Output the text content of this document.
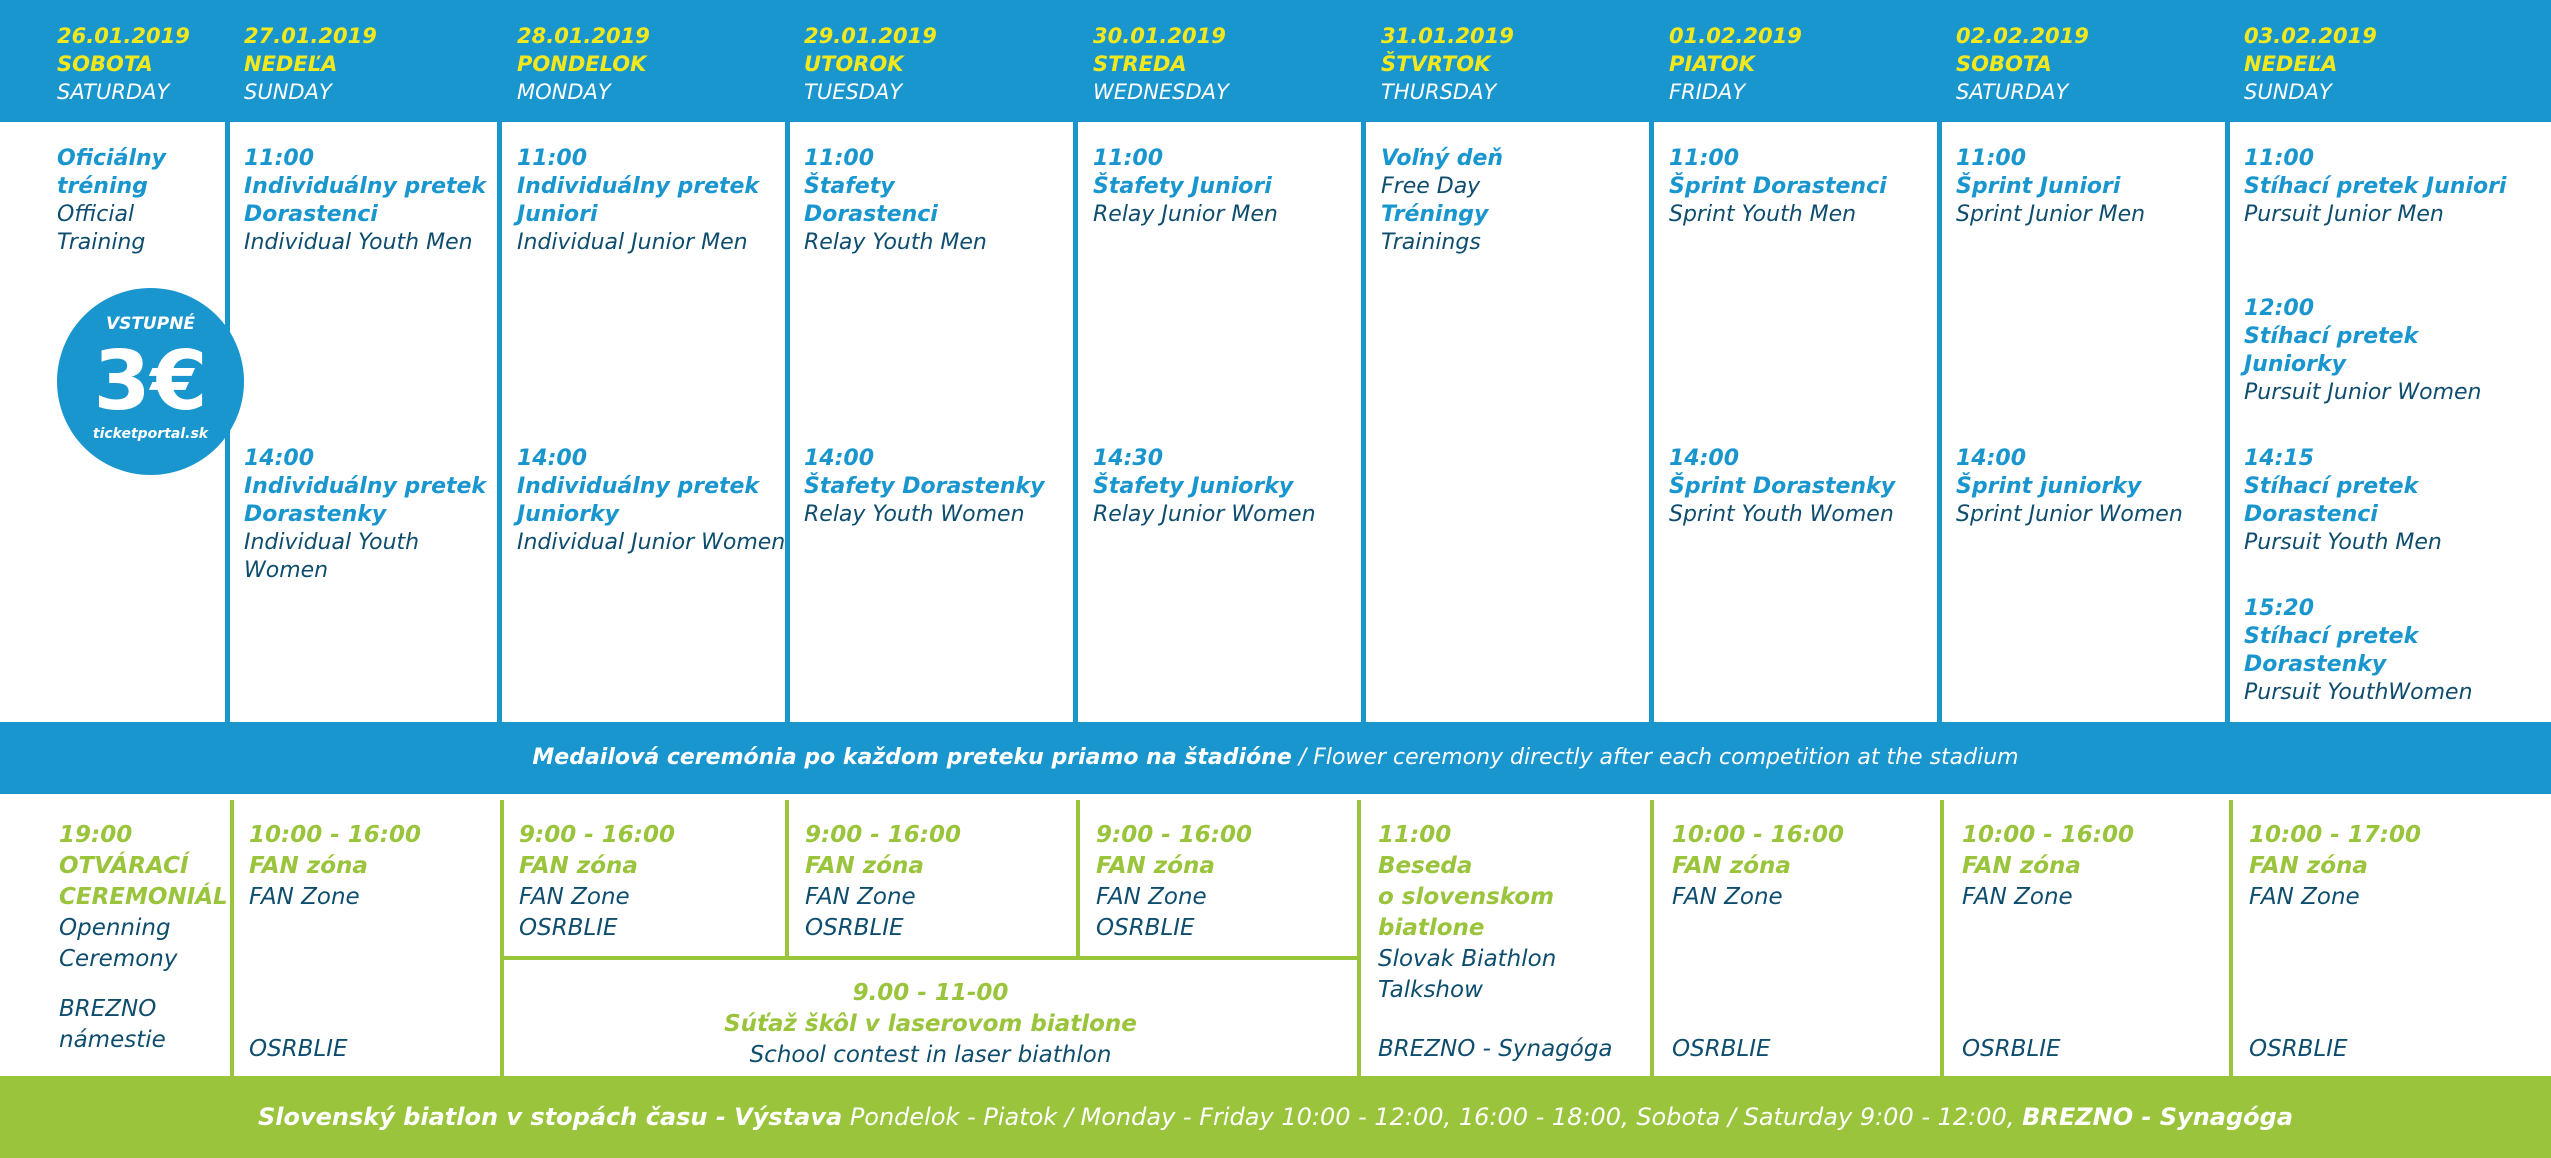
26.01.2019
SOBOTA
SATURDAY
27.01.2019
NEDEĽA
SUNDAY
28.01.2019
PONDELOK
MONDAY
29.01.2019
UTOROK
TUESDAY
30.01.2019
STREDA
WEDNESDAY
31.01.2019
ŠTVRTOK
THURSDAY
01.02.2019
PIATOK
FRIDAY
02.02.2019
SOBOTA
SATURDAY
03.02.2019
NEDEĽA
SUNDAY
Oficiálny
tréning
Official
Training
VSTUPNÉ
3€
ticketportal.sk
11:00
Individuálny pretek
Dorastenci
Individual Youth Men
14:00
Individuálny pretek
Dorastenky
Individual Youth
Women
11:00
Individuálny pretek
Juniori
Individual Junior Men
14:00
Individuálny pretek
Juniorky
Individual Junior Women
11:00
Štafety
Dorastenci
Relay Youth Men
14:00
Štafety Dorastenky
Relay Youth Women
11:00
Štafety Juniori
Relay Junior Men
14:30
Štafety Juniorky
Relay Junior Women
Voľný deň
Free Day
Tréningy
Trainings
11:00
Šprint Dorastenci
Sprint Youth Men
14:00
Šprint Dorastenky
Sprint Youth Women
11:00
Šprint Juniori
Sprint Junior Men
14:00
Šprint juniorky
Sprint Junior Women
11:00
Stíhací pretek Juniori
Pursuit Junior Men
12:00
Stíhací pretek
Juniorky
Pursuit Junior Women
14:15
Stíhací pretek
Dorastenci
Pursuit Youth Men
15:20
Stíhací pretek
Dorastenky
Pursuit YouthWomen
Medailová ceremónia po každom preteku priamo na štadióne / Flower ceremony directly after each competition at the stadium
19:00
OTVÁRACÍ
CEREMONIÁL
Openning
Ceremony
BREZNO
námestie
10:00 - 16:00
FAN zóna
FAN Zone
OSRBLIE
9:00 - 16:00
FAN zóna
FAN Zone
OSRBLIE
9:00 - 16:00
FAN zóna
FAN Zone
OSRBLIE
9:00 - 16:00
FAN zóna
FAN Zone
OSRBLIE
9.00 - 11-00
Súťaž škôl v laserovom biatlone
School contest in laser biathlon
11:00
Beseda
o slovenskom
biatlone
Slovak Biathlon
Talkshow
BREZNO - Synagóga
10:00 - 16:00
FAN zóna
FAN Zone
OSRBLIE
10:00 - 16:00
FAN zóna
FAN Zone
OSRBLIE
10:00 - 17:00
FAN zóna
FAN Zone
OSRBLIE
Slovenský biatlon v stopách času - Výstava Pondelok - Piatok / Monday - Friday 10:00 - 12:00, 16:00 - 18:00, Sobota / Saturday 9:00 - 12:00, BREZNO - Synagóga
